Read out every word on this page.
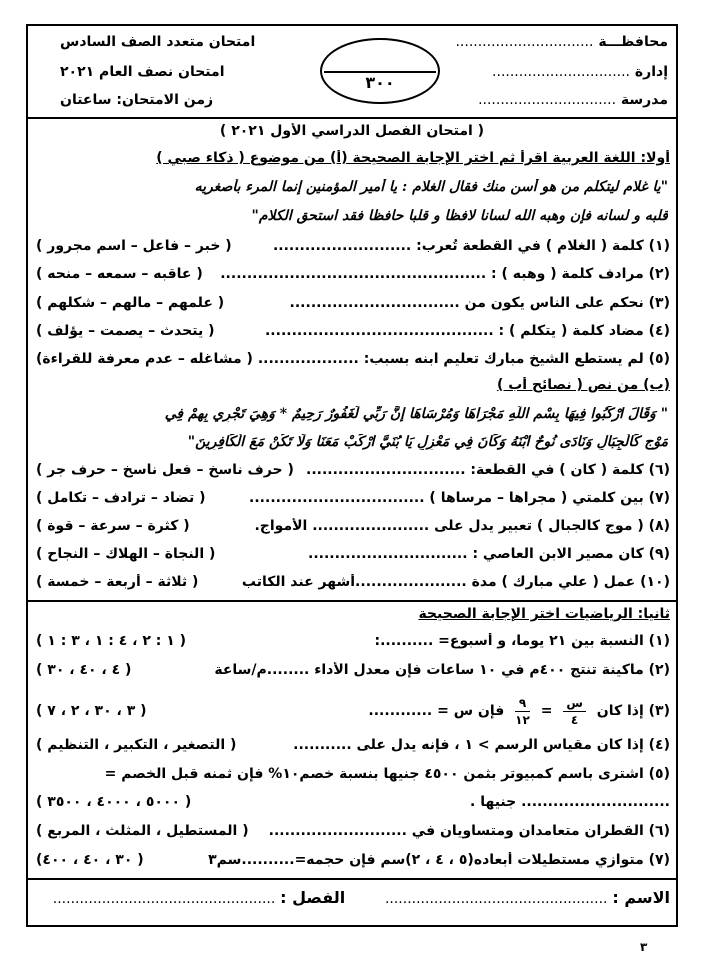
محافظـــة ...............................
إدارة ...............................
مدرسة ...............................
٣٠٠
امتحان متعدد الصف السادس
امتحان نصف العام ٢٠٢١
زمن الامتحان: ساعتان
( امتحان الفصل الدراسي الأول ٢٠٢١ )
أولا: اللغة العربية اقرأ ثم اختر الإجابة الصحيحة (أ) من موضوع ( ذكاء صبي )
"يا غلام ليتكلم من هو أسن منك فقال الغلام : يا أمير المؤمنين إنما المرء بأصغريه
قلبه و لسانه فإن وهبه الله لسانا لافظا و قلبا حافظا فقد استحق الكلام"
(١) كلمة ( الغلام ) في القطعة تُعرب: ..........................
( خبر – فاعل – اسم مجرور )
(٢) مرادف كلمة ( وهبه ) : ..................................................
( عاقبه – سمعه – منحه )
(٣) نحكم على الناس يكون من ................................
( علمهم – مالهم – شكلهم )
(٤) مضاد كلمة ( يتكلم ) : ...........................................
( يتحدث – يصمت – يؤلف )
(٥) لم يستطع الشيخ مبارك تعليم ابنه بسبب: ...................
( مشاغله – عدم معرفة للقراءة)
(ب) من نص ( نصائح أب )
" وَقَالَ ارْكَبُوا فِيهَا بِسْمِ اللَّهِ مَجْرَاهَا وَمُرْسَاهَا إِنَّ رَبِّي لَغَفُورٌ رَحِيمٌ * وَهِيَ تَجْرِي بِهِمْ فِي
مَوْجٍ كَالْجِبَالِ وَنَادَى نُوحٌ ابْنَهُ وَكَانَ فِي مَعْزِلٍ يَا بُنَيَّ ارْكَبْ مَعَنَا وَلَا تَكُنْ مَعَ الْكَافِرِينَ"
(٦) كلمة ( كان ) في القطعة: ..............................
( حرف ناسخ – فعل ناسخ – حرف جر )
(٧) بين كلمتي ( مجراها – مرساها ) .................................
( تضاد – ترادف – تكامل )
(٨) ( موج كالجبال ) تعبير يدل على ...................... الأمواج.
( كثرة – سرعة – قوة )
(٩) كان مصير الابن العاصي : ..............................
( النجاة – الهلاك – النجاح )
(١٠) عمل ( علي مبارك ) مدة .....................أشهر عند الكاتب
( ثلاثة – أربعة – خمسة )
ثانيا: الرياضيات اختر الإجابة الصحيحة
(١) النسبة بين ٢١ يوما، و أسبوع= ..........:
( ١ : ٢ ، ٤ : ١ ، ٣ : ١ )
(٢) ماكينة تنتج ٤٠٠م في ١٠ ساعات فإن معدل الأداء ........م/ساعة
( ٤ ، ٤٠ ، ٣٠ )
(٣) إذا كان
س
٤
=
٩
١٢
فإن س = ............
( ٣ ، ٣٠ ، ٢ ، ٧ )
(٤) إذا كان مقياس الرسم > ١ ، فإنه يدل على ...........
( التصغير ، التكبير ، التنظيم )
(٥) اشترى باسم كمبيوتر بثمن ٤٥٠٠ جنيها بنسبة خصم١٠% فإن ثمنه قبل الخصم =
............................ جنيها .
( ٥٠٠٠ ، ٤٠٠٠ ، ٣٥٠٠ )
(٦) القطران متعامدان ومتساويان في ..........................
( المستطيل ، المثلث ، المربع )
(٧) متوازي مستطيلات أبعاده(٥ ، ٤ ، ٢)سم فإن حجمه=..........سم٣
( ٣٠ ، ٤٠ ، ٤٠٠)
الاسم : ..................................................  الفصل : ..................................................
٣
